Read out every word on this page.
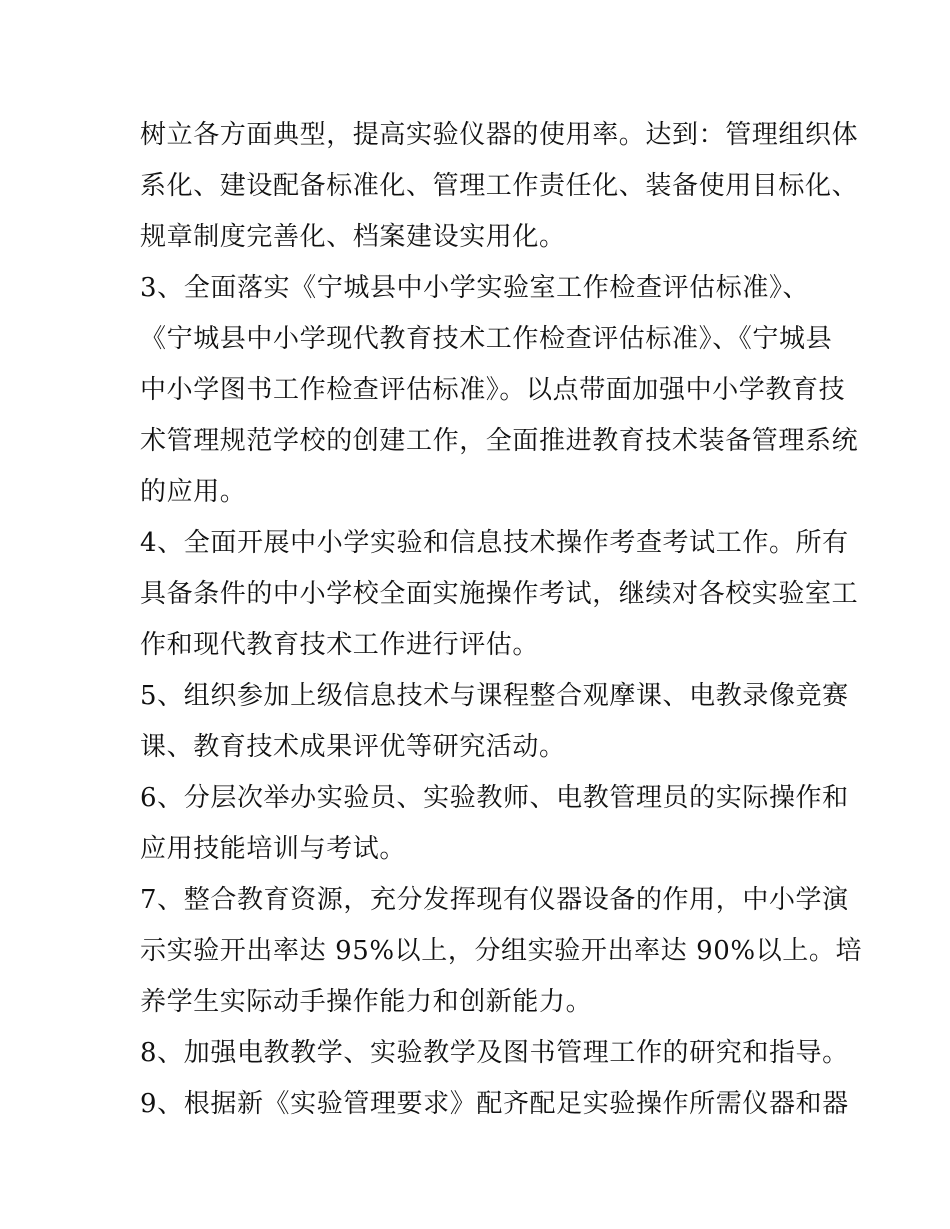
树立各方面典型，提高实验仪器的使用率。达到：管理组织体
系化、建设配备标准化、管理工作责任化、装备使用目标化、
规章制度完善化、档案建设实用化。
3、全面落实《宁城县中小学实验室工作检查评估标准》、
《宁城县中小学现代教育技术工作检查评估标准》、《宁城县
中小学图书工作检查评估标准》。以点带面加强中小学教育技
术管理规范学校的创建工作，全面推进教育技术装备管理系统
的应用。
4、全面开展中小学实验和信息技术操作考查考试工作。所有
具备条件的中小学校全面实施操作考试，继续对各校实验室工
作和现代教育技术工作进行评估。
5、组织参加上级信息技术与课程整合观摩课、电教录像竞赛
课、教育技术成果评优等研究活动。
6、分层次举办实验员、实验教师、电教管理员的实际操作和
应用技能培训与考试。
7、整合教育资源，充分发挥现有仪器设备的作用，中小学演
示实验开出率达 95%以上，分组实验开出率达 90%以上。培
养学生实际动手操作能力和创新能力。
8、加强电教教学、实验教学及图书管理工作的研究和指导。
9、根据新《实验管理要求》配齐配足实验操作所需仪器和器
